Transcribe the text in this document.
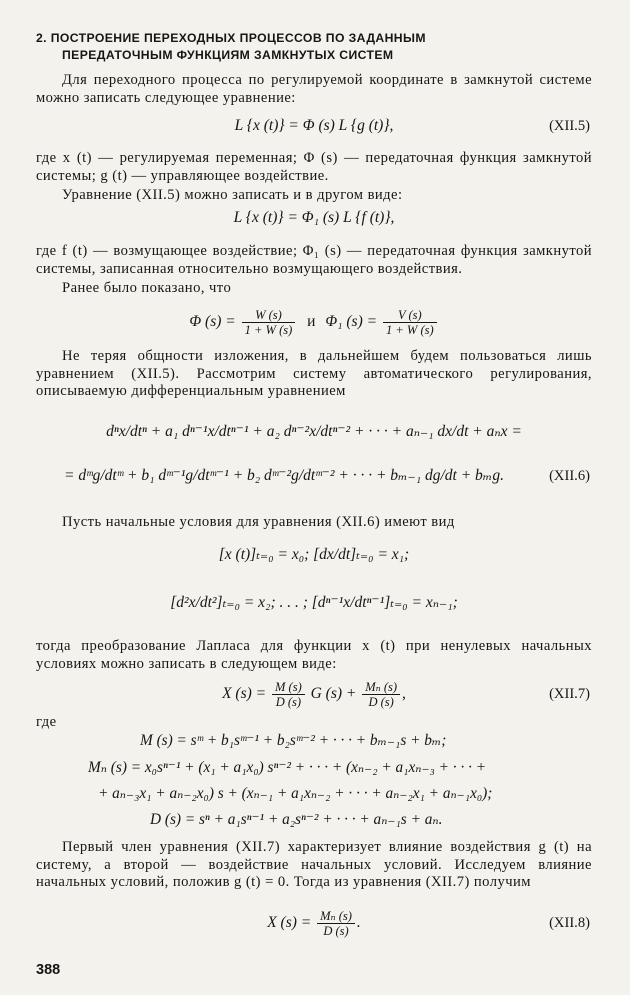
2. ПОСТРОЕНИЕ ПЕРЕХОДНЫХ ПРОЦЕССОВ ПО ЗАДАННЫМ
ПЕРЕДАТОЧНЫМ ФУНКЦИЯМ ЗАМКНУТЫХ СИСТЕМ
Для переходного процесса по регулируемой координате в замкнутой системе можно записать следующее уравнение:
L {x (t)} = Φ (s) L {g (t)},	(XII.5)
где x (t) — регулируемая переменная; Φ (s) — передаточная функция замкнутой системы; g (t) — управляющее воздействие.
Уравнение (XII.5) можно записать и в другом виде:
L {x (t)} = Φ₁ (s) L {f (t)},
где f (t) — возмущающее воздействие; Φ₁ (s) — передаточная функция замкнутой системы, записанная относительно возмущающего воздействия.
Ранее было показано, что
Φ $(s) = \frac{W (s)}{1 + W (s)}$ и Φ₁ $(s) = \frac{V (s)}{1 + W (s)}$
Не теряя общности изложения, в дальнейшем будем пользоваться лишь уравнением (XII.5). Рассмотрим систему автоматического регулирования, описываемую дифференциальным уравнением
dⁿx/dtⁿ + a₁ dⁿ⁻¹x/dtⁿ⁻¹ + a₂ dⁿ⁻²x/dtⁿ⁻² + · · · + aₙ₋₁ dx/dt + aₙx =
= dᵐg/dtᵐ + b₁ dᵐ⁻¹g/dtᵐ⁻¹ + b₂ dᵐ⁻²g/dtᵐ⁻² + · · · + bₘ₋₁ dg/dt + bₘg.	(XII.6)
Пусть начальные условия для уравнения (XII.6) имеют вид
[x (t)]ₜ₌₀ = x₀; [dx/dt]ₜ₌₀ = x₁;
[d²x/dt²]ₜ₌₀ = x₂; . . . ; [dⁿ⁻¹x/dtⁿ⁻¹]ₜ₌₀ = xₙ₋₁;
тогда преобразование Лапласа для функции x (t) при ненулевых начальных условиях можно записать в следующем виде:
X $(s) = \frac{M (s)}{D (s)}$ G $(s) + \frac{\text{Mₙ (s)}}{D (s)}$ ,	(XII.7)
где
M (s) = sᵐ + b₁sᵐ⁻¹ + b₂sᵐ⁻² + · · · + bₘ₋₁s + bₘ;
Mₙ (s) = x₀sⁿ⁻¹ + (x₁ + a₁x₀) sⁿ⁻² + · · · + (xₙ₋₂ + a₁xₙ₋₃ + · · · +
+ aₙ₋₃x₁ + aₙ₋₂x₀) s + (xₙ₋₁ + a₁xₙ₋₂ + · · · + aₙ₋₂x₁ + aₙ₋₁x₀);
D (s) = sⁿ + a₁sⁿ⁻¹ + a₂sⁿ⁻² + · · · + aₙ₋₁s + aₙ.
Первый член уравнения (XII.7) характеризует влияние воздействия g (t) на систему, а второй — воздействие начальных условий. Исследуем влияние начальных условий, положив g (t) = 0. Тогда из уравнения (XII.7) получим
X $(s) = \frac{\text{Mₙ (s)}}{D (s)}$ .	(XII.8)
388
